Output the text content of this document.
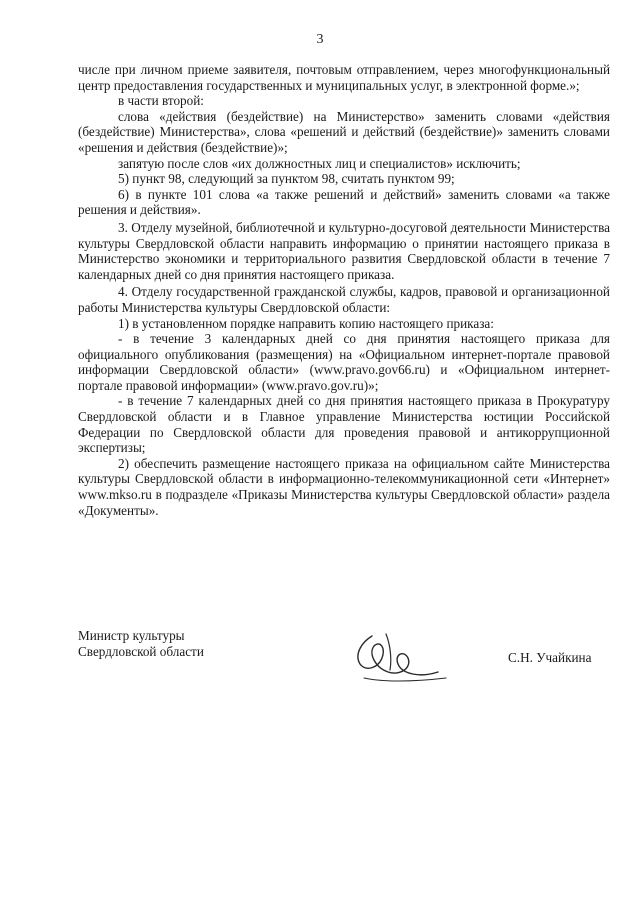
3

числе при личном приеме заявителя, почтовым отправлением, через многофункциональный центр предоставления государственных и муниципальных услуг, в электронной форме.»;

в части второй:

слова «действия (бездействие) на Министерство» заменить словами «действия (бездействие) Министерства», слова «решений и действий (бездействие)» заменить словами «решения и действия (бездействие)»;

запятую после слов «их должностных лиц и специалистов» исключить;

5) пункт 98, следующий за пунктом 98, считать пунктом 99;

6) в пункте 101 слова «а также решений и действий» заменить словами «а также решения и действия».

3. Отделу музейной, библиотечной и культурно-досуговой деятельности Министерства культуры Свердловской области направить информацию о принятии настоящего приказа в Министерство экономики и территориального развития Свердловской области в течение 7 календарных дней со дня принятия настоящего приказа.

4. Отделу государственной гражданской службы, кадров, правовой и организационной работы Министерства культуры Свердловской области:

1) в установленном порядке направить копию настоящего приказа:

- в течение 3 календарных дней со дня принятия настоящего приказа для официального опубликования (размещения) на «Официальном интернет-портале правовой информации Свердловской области» (www.pravo.gov66.ru) и «Официальном интернет-портале правовой информации» (www.pravo.gov.ru)»;

- в течение 7 календарных дней со дня принятия настоящего приказа в Прокуратуру Свердловской области и в Главное управление Министерства юстиции Российской Федерации по Свердловской области для проведения правовой и антикоррупционной экспертизы;

2) обеспечить размещение настоящего приказа на официальном сайте Министерства культуры Свердловской области в информационно-телекоммуникационной сети «Интернет» www.mkso.ru в подразделе «Приказы Министерства культуры Свердловской области» раздела «Документы».

Министр культуры
Свердловской области	С.Н. Учайкина
